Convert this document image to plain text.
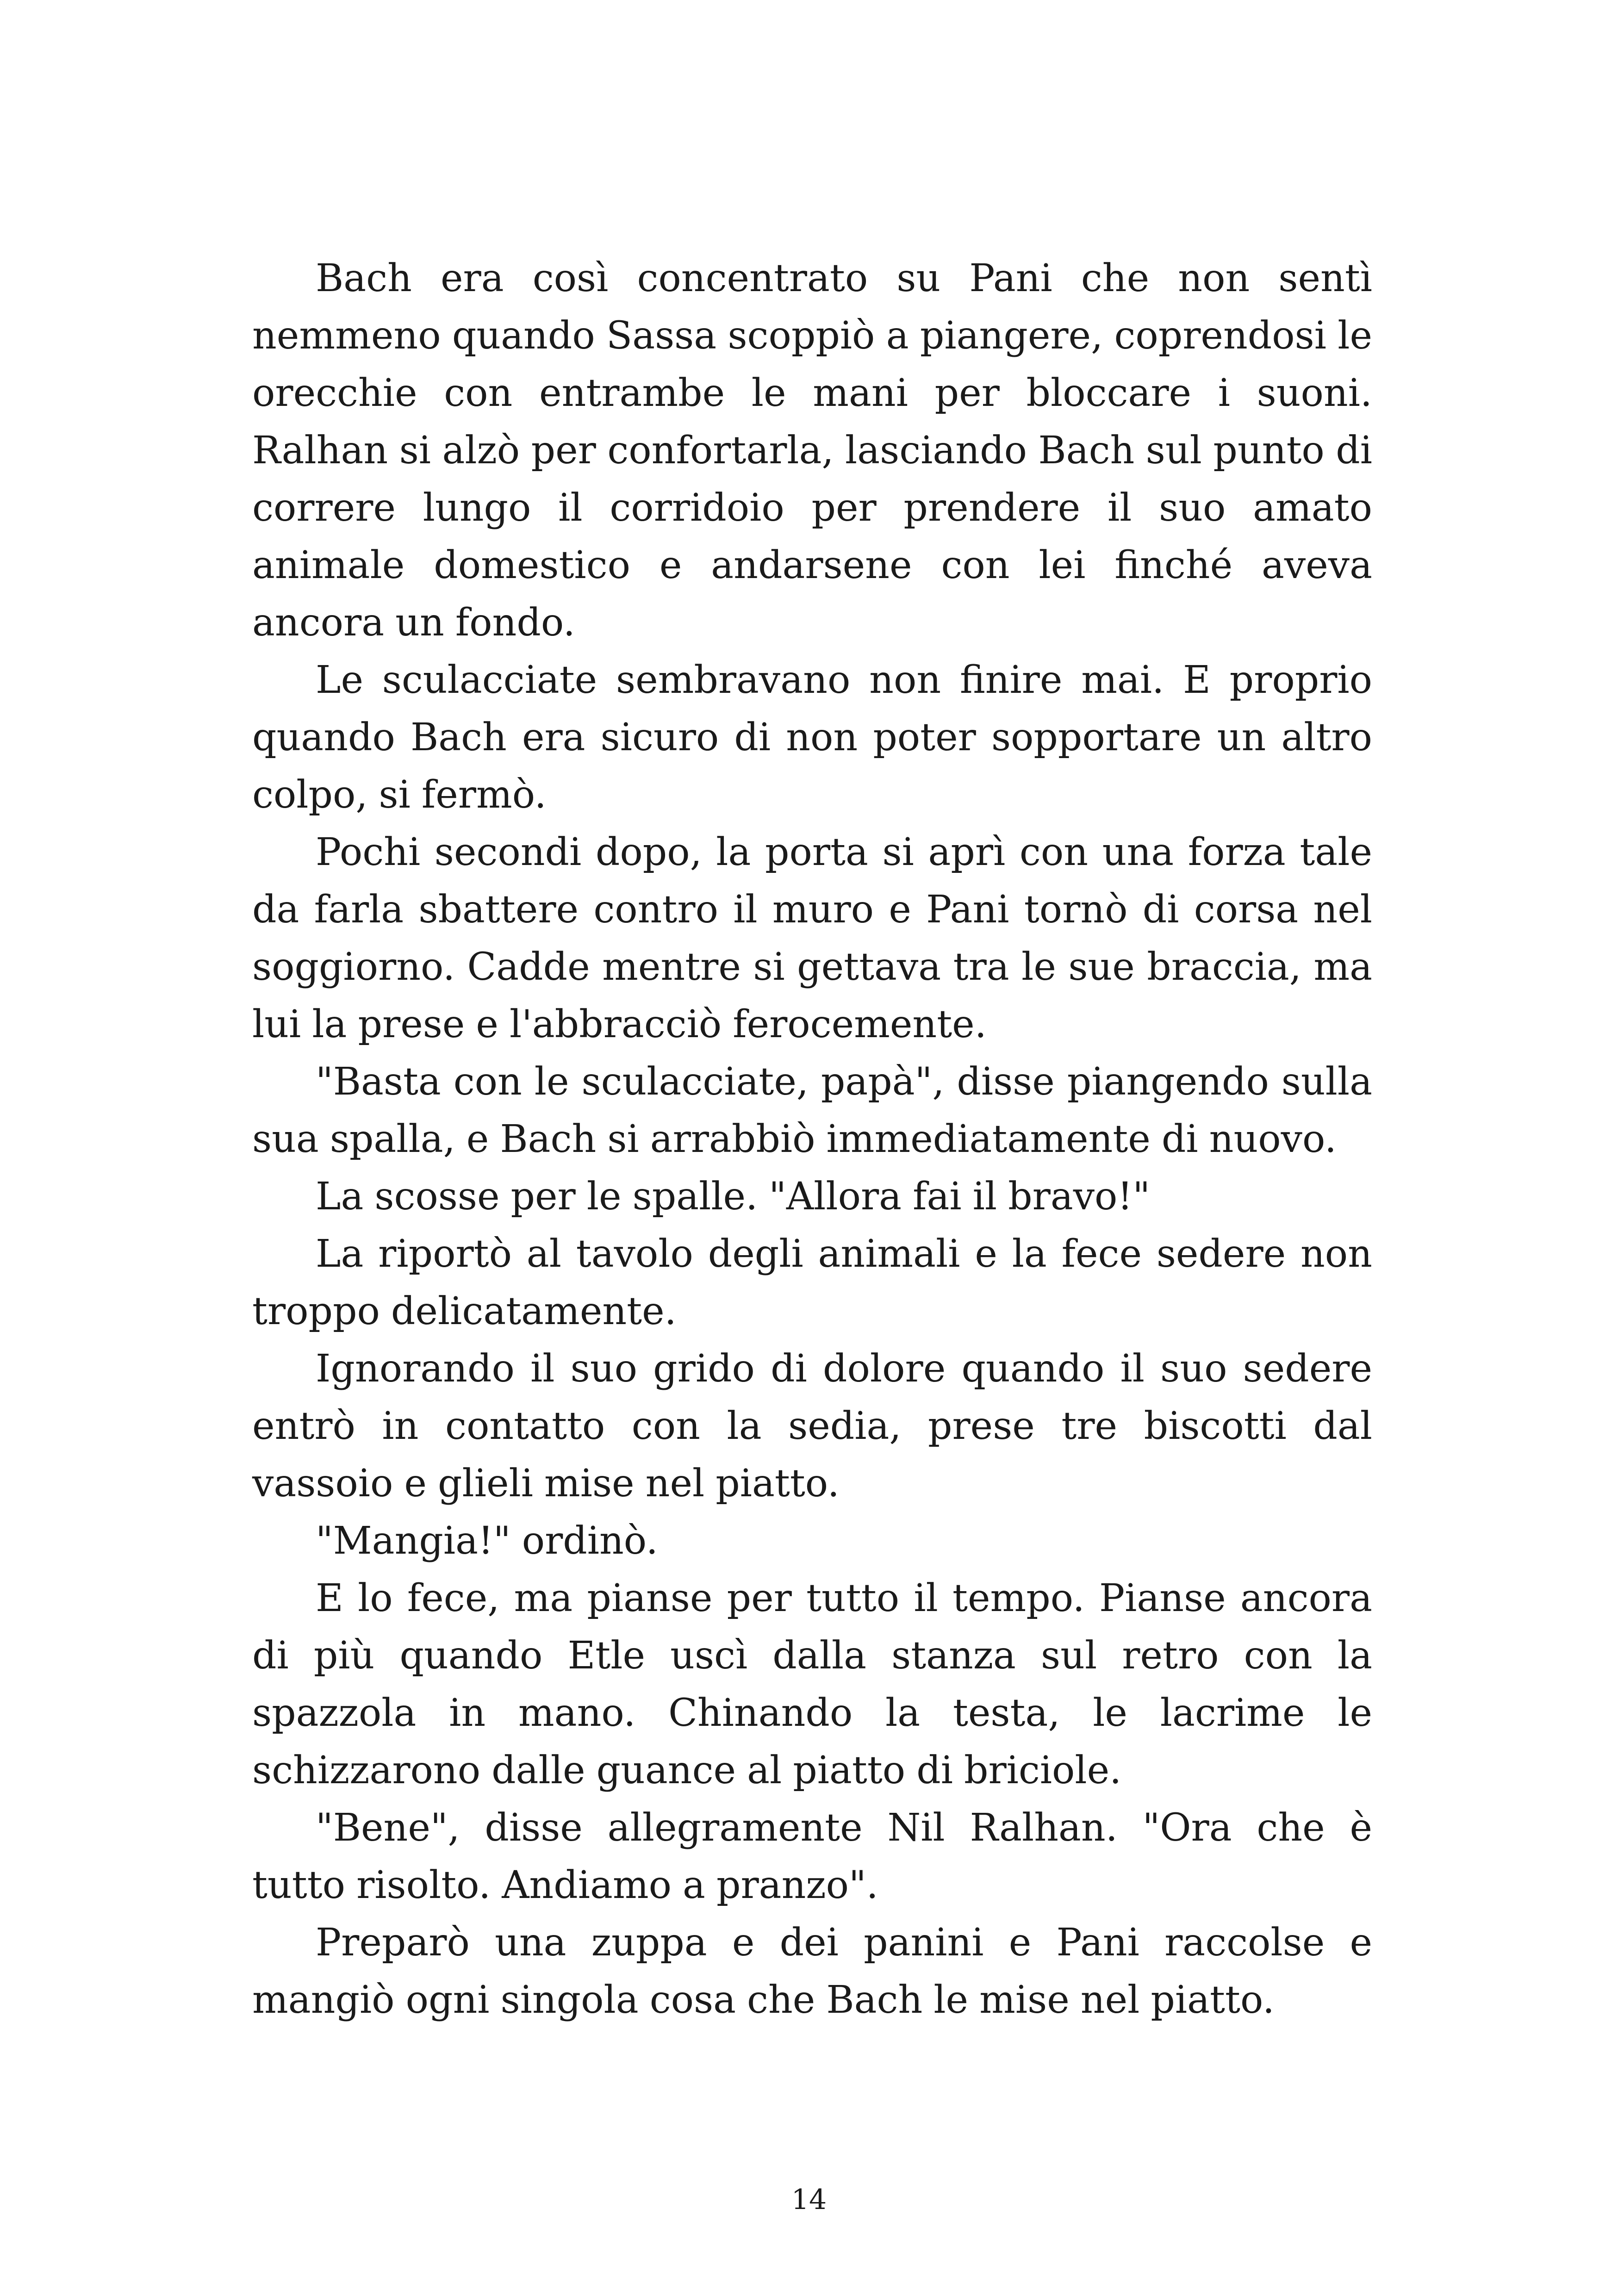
Bach era così concentrato su Pani che non sentì nemmeno quando Sassa scoppiò a piangere, coprendosi le orecchie con entrambe le mani per bloccare i suoni. Ralhan si alzò per confortarla, lasciando Bach sul punto di correre lungo il corridoio per prendere il suo amato animale domestico e andarsene con lei finché aveva ancora un fondo.

Le sculacciate sembravano non finire mai. E proprio quando Bach era sicuro di non poter sopportare un altro colpo, si fermò.

Pochi secondi dopo, la porta si aprì con una forza tale da farla sbattere contro il muro e Pani tornò di corsa nel soggiorno. Cadde mentre si gettava tra le sue braccia, ma lui la prese e l'abbracciò ferocemente.

"Basta con le sculacciate, papà", disse piangendo sulla sua spalla, e Bach si arrabbiò immediatamente di nuovo.

La scosse per le spalle. "Allora fai il bravo!"

La riportò al tavolo degli animali e la fece sedere non troppo delicatamente.

Ignorando il suo grido di dolore quando il suo sedere entrò in contatto con la sedia, prese tre biscotti dal vassoio e glieli mise nel piatto.

"Mangia!" ordinò.

E lo fece, ma pianse per tutto il tempo. Pianse ancora di più quando Etle uscì dalla stanza sul retro con la spazzola in mano. Chinando la testa, le lacrime le schizzarono dalle guance al piatto di briciole.

"Bene", disse allegramente Nil Ralhan. "Ora che è tutto risolto. Andiamo a pranzo".

Preparò una zuppa e dei panini e Pani raccolse e mangiò ogni singola cosa che Bach le mise nel piatto.

14
